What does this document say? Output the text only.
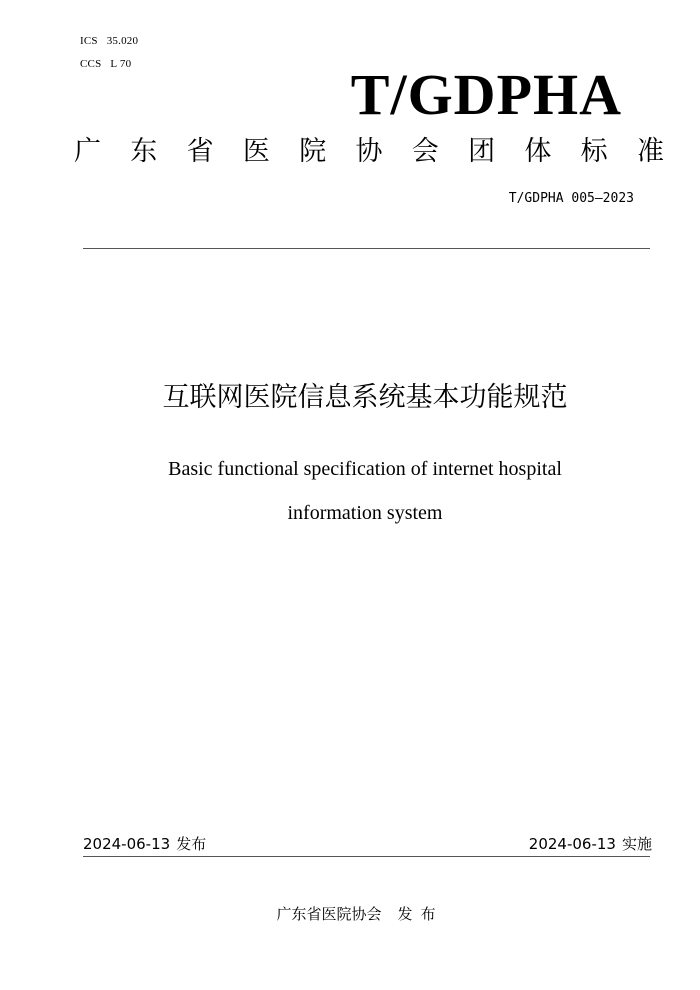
ICS 35.020
CCS L 70	T/GDPHA
广 东 省 医 院 协 会 团 体 标 准
T/GDPHA 005—2023
互联网医院信息系统基本功能规范
Basic functional specification of internet hospital
information system
2024-06-13 发布	2024-06-13 实施
广东省医院协会 发布
